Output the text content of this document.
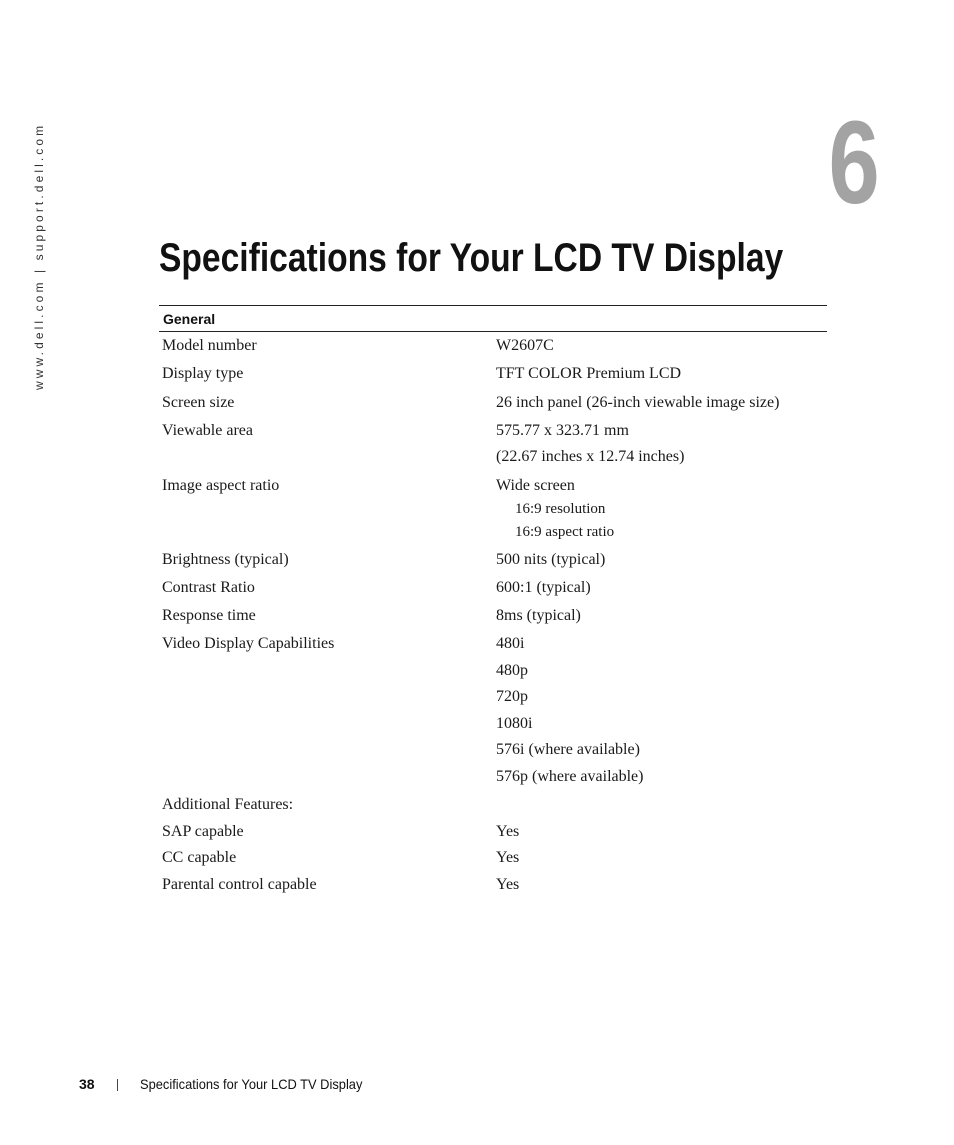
www.dell.com | support.dell.com	6
Specifications for Your LCD TV Display
General
Model number	W2607C
Display type	TFT COLOR Premium LCD
Screen size	26 inch panel (26-inch viewable image size)
Viewable area	575.77 x 323.71 mm
(22.67 inches x 12.74 inches)
Image aspect ratio	Wide screen
16:9 resolution
16:9 aspect ratio
Brightness (typical)	500 nits (typical)
Contrast Ratio	600:1 (typical)
Response time	8ms (typical)
Video Display Capabilities	480i
480p
720p
1080i
576i (where available)
576p (where available)
Additional Features:
SAP capable	Yes
CC capable	Yes
Parental control capable	Yes
38	Specifications for Your LCD TV Display
